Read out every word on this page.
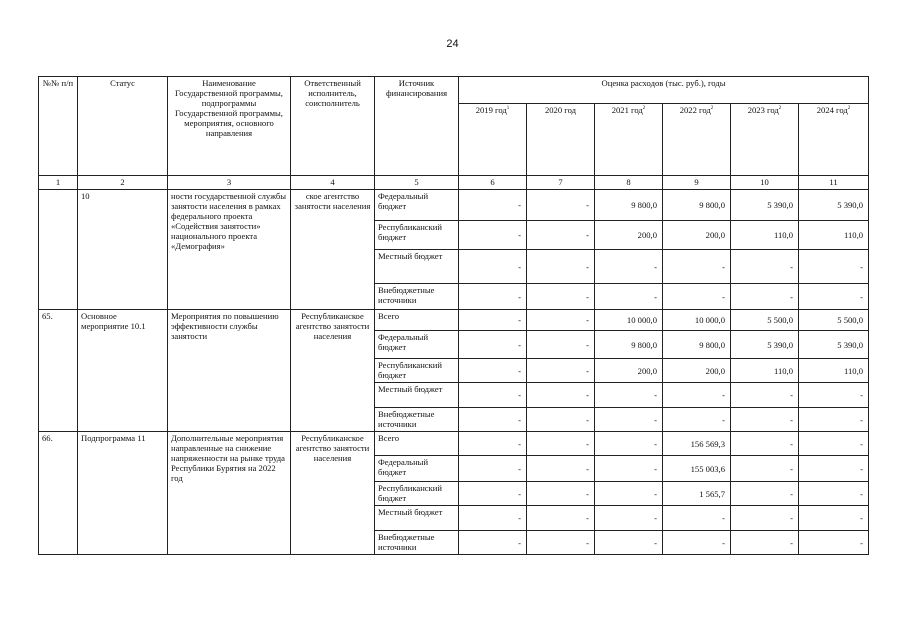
24
№№ п/п	Статус	Наименование Государственной программы, подпрограммы Государственной программы, мероприятия, основного направления	Ответственный исполнитель, соисполнитель	Источник финансирования	Оценка расходов (тыс. руб.), годы					
					2019 год$^1$	2020 год	2021 год$^2$	2022 год$^2$	2023 год$^2$	2024 год$^2$
1	2	3	4	5	6	7	8	9	10	11
	10	ности государственной службы занятости населения в рамках федерального проекта «Содействия занятости» национального проекта «Демография»	ское агентство занятости населения	Федеральный бюджет	-	-	9 800,0	9 800,0	5 390,0	5 390,0
				Республиканский бюджет	-	-	200,0	200,0	110,0	110,0
				Местный бюджет	-	-	-	-	-	-
				Внебюджетные источники	-	-	-	-	-	-
65.	Основное мероприятие 10.1	Мероприятия по повышению эффективности службы занятости	Республиканское агентство занятости населения	Всего	-	-	10 000,0	10 000,0	5 500,0	5 500,0
				Федеральный бюджет	-	-	9 800,0	9 800,0	5 390,0	5 390,0
				Республиканский бюджет	-	-	200,0	200,0	110,0	110,0
				Местный бюджет	-	-	-	-	-	-
				Внебюджетные источники	-	-	-	-	-	-
66.	Подпрограмма 11	Дополнительные мероприятия направленные на снижение напряженности на рынке труда Республики Бурятия на 2022 год	Республиканское агентство занятости населения	Всего	-	-	-	156 569,3	-	-
				Федеральный бюджет	-	-	-	155 003,6	-	-
				Республиканский бюджет	-	-	-	1 565,7	-	-
				Местный бюджет	-	-	-	-	-	-
				Внебюджетные источники	-	-	-	-	-	-
